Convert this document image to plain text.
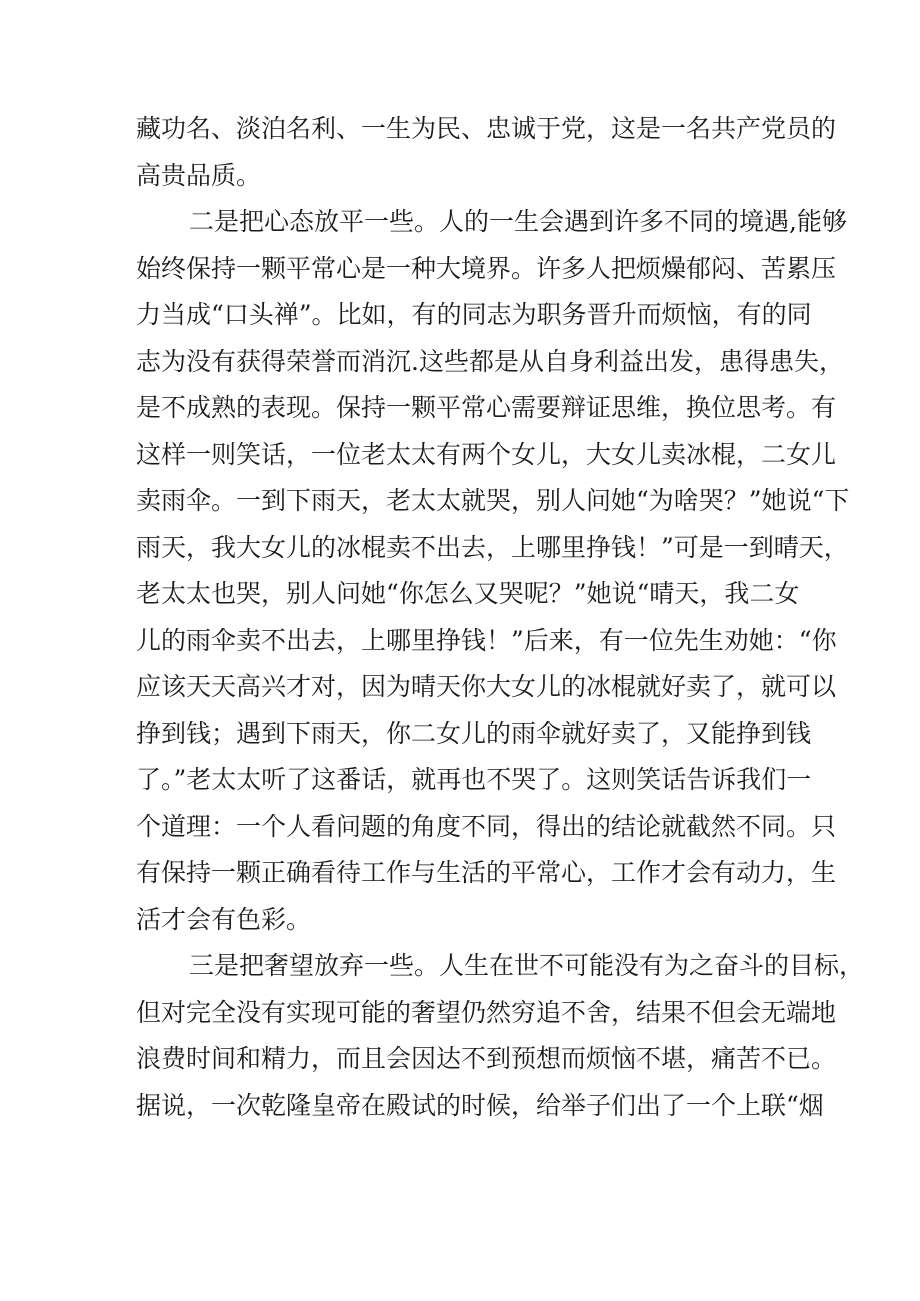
藏功名、淡泊名利、一生为民、忠诚于党，这是一名共产党员的
高贵品质。
二是把心态放平一些。人的一生会遇到许多不同的境遇,能够
始终保持一颗平常心是一种大境界。许多人把烦燥郁闷、苦累压
力当成“口头禅”。比如，有的同志为职务晋升而烦恼，有的同
志为没有获得荣誉而消沉.这些都是从自身利益出发，患得患失，
是不成熟的表现。保持一颗平常心需要辩证思维，换位思考。有
这样一则笑话，一位老太太有两个女儿，大女儿卖冰棍，二女儿
卖雨伞。一到下雨天，老太太就哭，别人问她“为啥哭？”她说“下
雨天，我大女儿的冰棍卖不出去，上哪里挣钱！”可是一到晴天，
老太太也哭，别人问她“你怎么又哭呢？”她说“晴天，我二女
儿的雨伞卖不出去，上哪里挣钱！”后来，有一位先生劝她：“你
应该天天高兴才对，因为晴天你大女儿的冰棍就好卖了，就可以
挣到钱；遇到下雨天，你二女儿的雨伞就好卖了，又能挣到钱
了。”老太太听了这番话，就再也不哭了。这则笑话告诉我们一
个道理：一个人看问题的角度不同，得出的结论就截然不同。只
有保持一颗正确看待工作与生活的平常心，工作才会有动力，生
活才会有色彩。
三是把奢望放弃一些。人生在世不可能没有为之奋斗的目标，
但对完全没有实现可能的奢望仍然穷追不舍，结果不但会无端地
浪费时间和精力，而且会因达不到预想而烦恼不堪，痛苦不已。
据说，一次乾隆皇帝在殿试的时候，给举子们出了一个上联“烟
